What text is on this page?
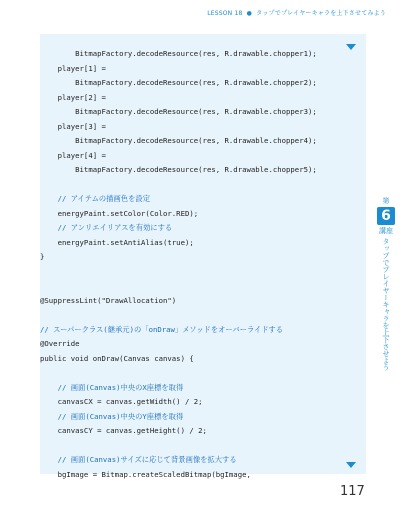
LESSON 18 ● タップでプレイヤーキャラを上下させてみよう
BitmapFactory.decodeResource(res, R.drawable.chopper1);
player[1] =
BitmapFactory.decodeResource(res, R.drawable.chopper2);
player[2] =
BitmapFactory.decodeResource(res, R.drawable.chopper3);
player[3] =
BitmapFactory.decodeResource(res, R.drawable.chopper4);
player[4] =
BitmapFactory.decodeResource(res, R.drawable.chopper5);
// アイテムの描画色を設定
energyPaint.setColor(Color.RED);
// アンリエイリアスを有効にする
energyPaint.setAntiAlias(true);
}
@SuppressLint("DrawAllocation")
// スーパークラス(継承元)の「onDraw」メソッドをオーバーライドする
@Override
public void onDraw(Canvas canvas) {
// 画面(Canvas)中央のX座標を取得
canvasCX = canvas.getWidth() / 2;
// 画面(Canvas)中央のY座標を取得
canvasCY = canvas.getHeight() / 2;
// 画面(Canvas)サイズに応じて背景画像を拡大する
bgImage = Bitmap.createScaledBitmap(bgImage,
第
6
講座
タップでプレイヤーキャラを上下させよう
117
